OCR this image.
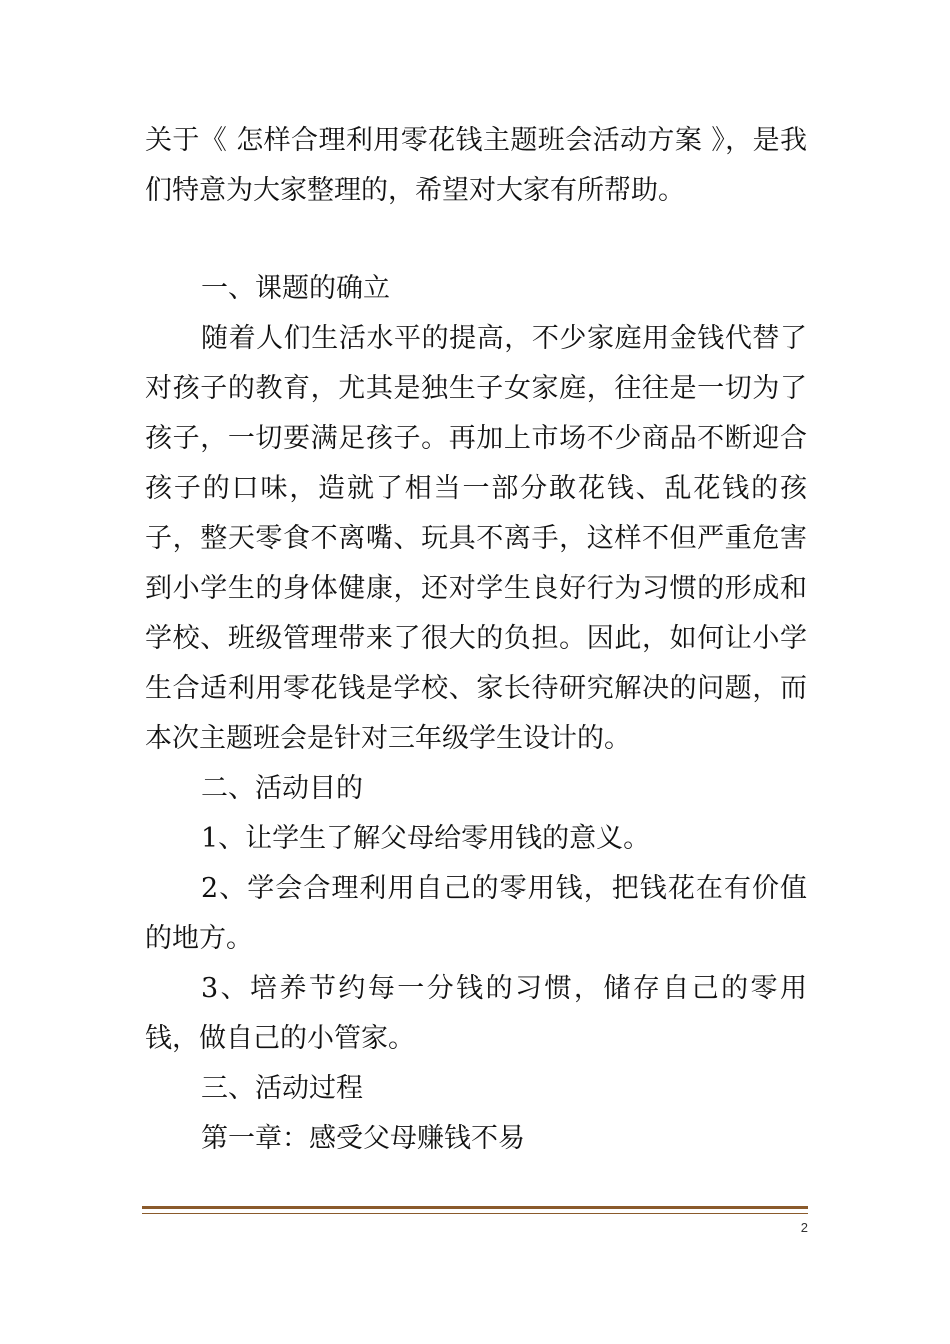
关于《 怎样合理利用零花钱主题班会活动方案 》，是我们特意为大家整理的，希望对大家有所帮助。

一、课题的确立

随着人们生活水平的提高，不少家庭用金钱代替了对孩子的教育，尤其是独生子女家庭，往往是一切为了孩子，一切要满足孩子。再加上市场不少商品不断迎合孩子的口味，造就了相当一部分敢花钱、乱花钱的孩子，整天零食不离嘴、玩具不离手，这样不但严重危害到小学生的身体健康，还对学生良好行为习惯的形成和学校、班级管理带来了很大的负担。因此，如何让小学生合适利用零花钱是学校、家长待研究解决的问题，而本次主题班会是针对三年级学生设计的。

二、活动目的

1、让学生了解父母给零用钱的意义。

2、学会合理利用自己的零用钱，把钱花在有价值的地方。

3、培养节约每一分钱的习惯，储存自己的零用钱，做自己的小管家。

三、活动过程

第一章：感受父母赚钱不易

2
